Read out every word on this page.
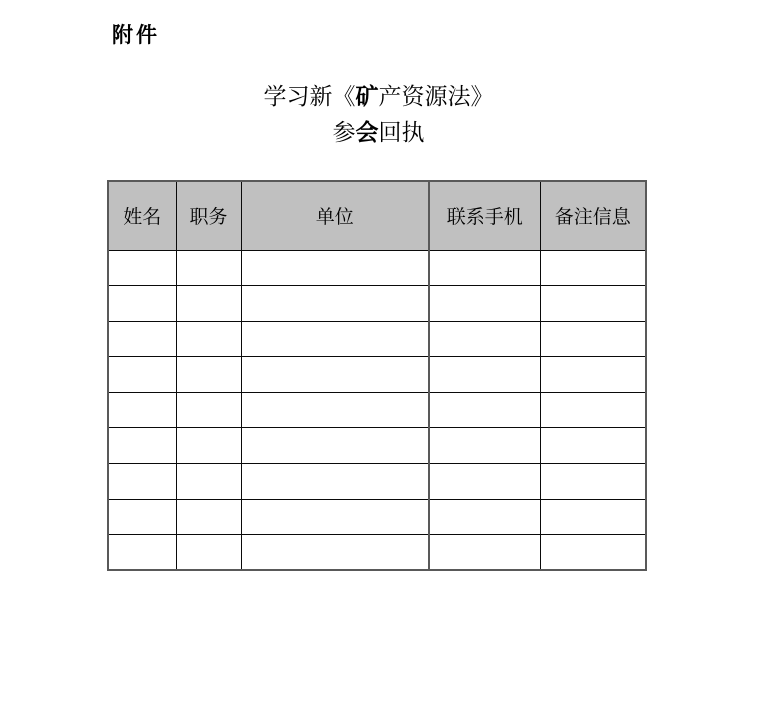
附件
学习新《矿产资源法》
参会回执
姓名	职务	单位	联系手机	备注信息
